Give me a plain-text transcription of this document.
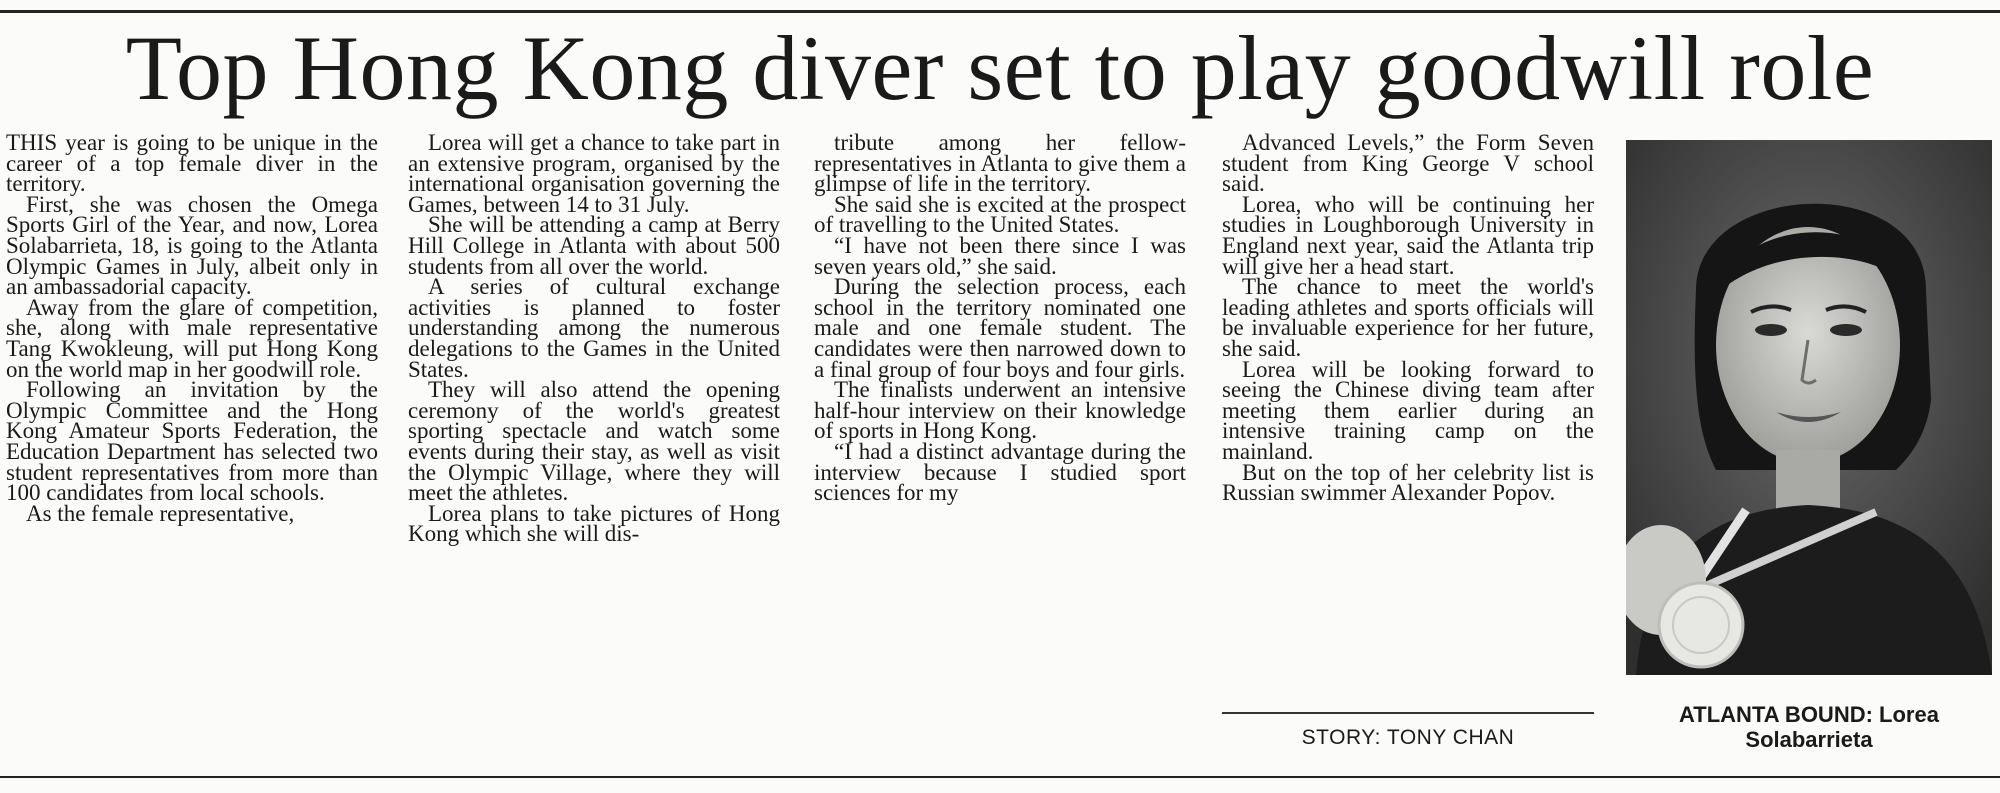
Top Hong Kong diver set to play goodwill role

THIS year is going to be unique in the career of a top female diver in the territory.

First, she was chosen the Omega Sports Girl of the Year, and now, Lorea Solabarrieta, 18, is going to the Atlanta Olympic Games in July, albeit only in an ambassadorial capacity.

Away from the glare of competition, she, along with male representative Tang Kwokleung, will put Hong Kong on the world map in her goodwill role.

Following an invitation by the Olympic Committee and the Hong Kong Amateur Sports Federation, the Education Department has selected two student representatives from more than 100 candidates from local schools.

As the female representative,

Lorea will get a chance to take part in an extensive program, organised by the international organisation governing the Games, between 14 to 31 July.

She will be attending a camp at Berry Hill College in Atlanta with about 500 students from all over the world.

A series of cultural exchange activities is planned to foster understanding among the numerous delegations to the Games in the United States.

They will also attend the opening ceremony of the world's greatest sporting spectacle and watch some events during their stay, as well as visit the Olympic Village, where they will meet the athletes.

Lorea plans to take pictures of Hong Kong which she will dis-

tribute among her fellow-representatives in Atlanta to give them a glimpse of life in the territory.

She said she is excited at the prospect of travelling to the United States.

“I have not been there since I was seven years old,” she said.

During the selection process, each school in the territory nominated one male and one female student. The candidates were then narrowed down to a final group of four boys and four girls.

The finalists underwent an intensive half-hour interview on their knowledge of sports in Hong Kong.

“I had a distinct advantage during the interview because I studied sport sciences for my

Advanced Levels,” the Form Seven student from King George V school said.

Lorea, who will be continuing her studies in Loughborough University in England next year, said the Atlanta trip will give her a head start.

The chance to meet the world's leading athletes and sports officials will be invaluable experience for her future, she said.

Lorea will be looking forward to seeing the Chinese diving team after meeting them earlier during an intensive training camp on the mainland.

But on the top of her celebrity list is Russian swimmer Alexander Popov.

STORY: TONY CHAN
ATLANTA BOUND: Lorea Solabarrieta
